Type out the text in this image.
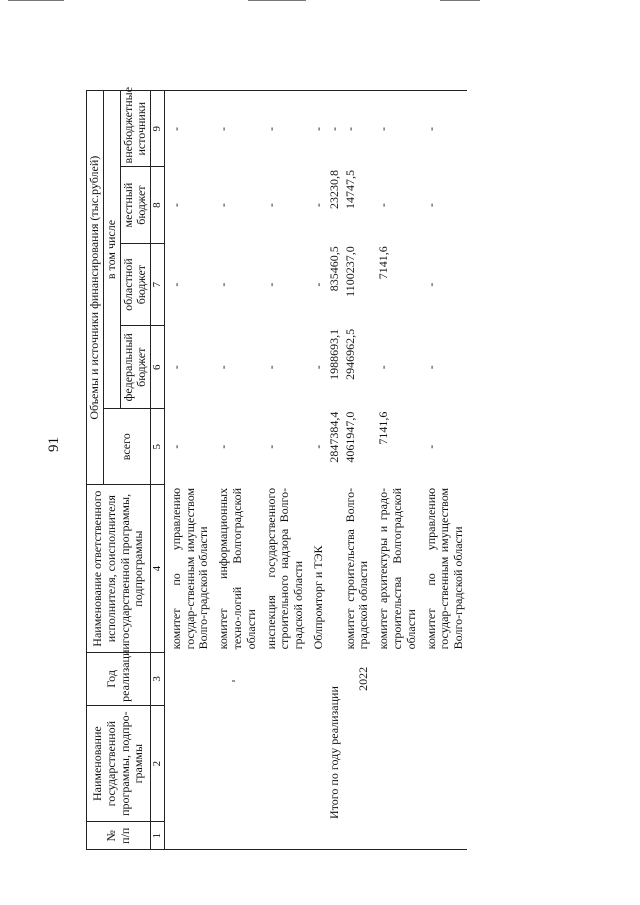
91
№ п/п	Наименование государственной программы, подпро-граммы	Год реализации	Наименование ответственного исполнителя, соисполнителя государственной программы, подпрограммы	Объемы и источники финансирования (тыс.рублей)				
				всего	в том числе			
					федеральный бюджет	областной бюджет	местный бюджет	внебюджетные источники
1	2	3	4	5	6	7	8	9

			комитет по управлению государ-ственным имуществом Волго-градской области	-	-	-	-	-

			комитет информационных техно-логий Волгоградской области	-	-	-	-	-

			инспекция государственного строительного надзора Волго-градской области	-	-	-	-	-

			Облпромторг и ТЭК	-	-	-	-	-
	Итого по году реализации			2847384,4	1988693,1	835460,5	23230,8	-
		2022	комитет строительства Волго-градской области	4061947,0	2946962,5	1100237,0	14747,5	-

			комитет архитектуры и градо-строительства Волгоградской области	7141,6	-	7141,6	-	-

			комитет по управлению государ-ственным имуществом Волго-градской области	-	-	-	-	-
